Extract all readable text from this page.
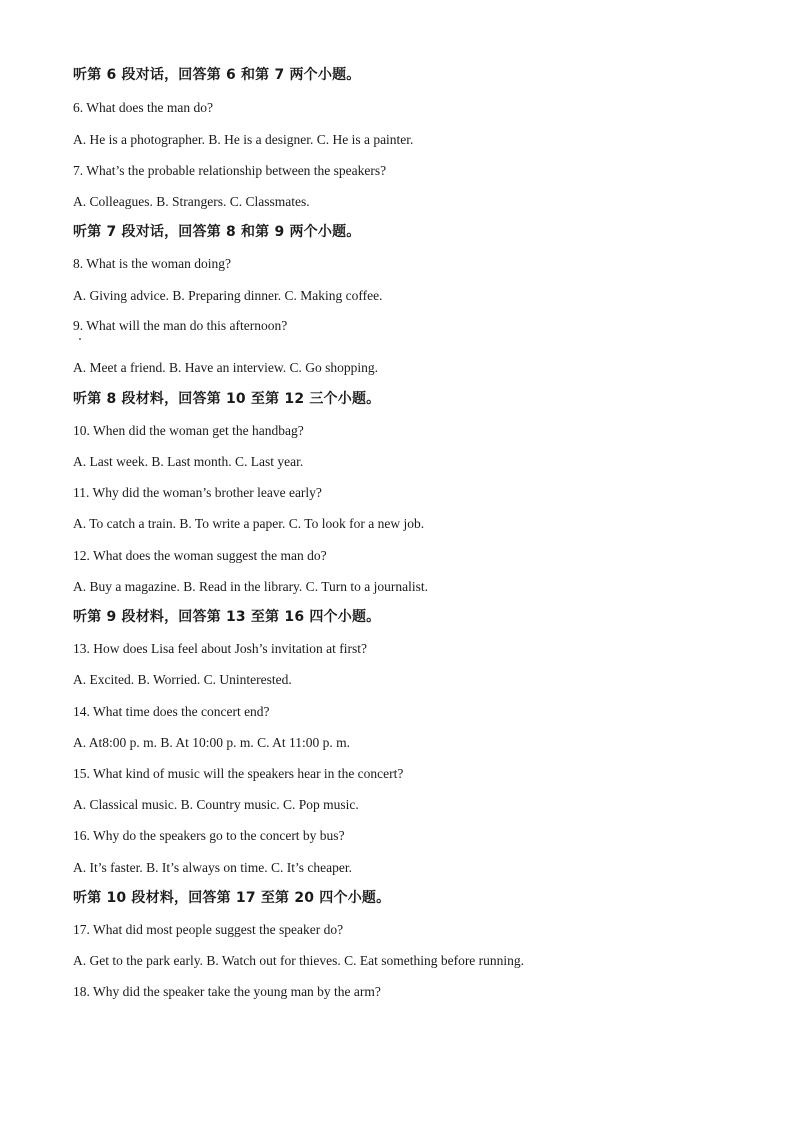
听第 6 段对话，回答第 6 和第 7 两个小题。
6. What does the man do?
A. He is a photographer. B. He is a designer. C. He is a painter.
7. What’s the probable relationship between the speakers?
A. Colleagues. B. Strangers. C. Classmates.
听第 7 段对话，回答第 8 和第 9 两个小题。
8. What is the woman doing?
A. Giving advice. B. Preparing dinner. C. Making coffee.
9. What will the man do this afternoon?
A. Meet a friend. B. Have an interview. C. Go shopping.
听第 8 段材料，回答第 10 至第 12 三个小题。
10. When did the woman get the handbag?
A. Last week. B. Last month. C. Last year.
11. Why did the woman’s brother leave early?
A. To catch a train. B. To write a paper. C. To look for a new job.
12. What does the woman suggest the man do?
A. Buy a magazine. B. Read in the library. C. Turn to a journalist.
听第 9 段材料，回答第 13 至第 16 四个小题。
13. How does Lisa feel about Josh’s invitation at first?
A. Excited. B. Worried. C. Uninterested.
14. What time does the concert end?
A. At8:00 p. m. B. At 10:00 p. m. C. At 11:00 p. m.
15. What kind of music will the speakers hear in the concert?
A. Classical music. B. Country music. C. Pop music.
16. Why do the speakers go to the concert by bus?
A. It’s faster. B. It’s always on time. C. It’s cheaper.
听第 10 段材料，回答第 17 至第 20 四个小题。
17. What did most people suggest the speaker do?
A. Get to the park early. B. Watch out for thieves. C. Eat something before running.
18. Why did the speaker take the young man by the arm?
